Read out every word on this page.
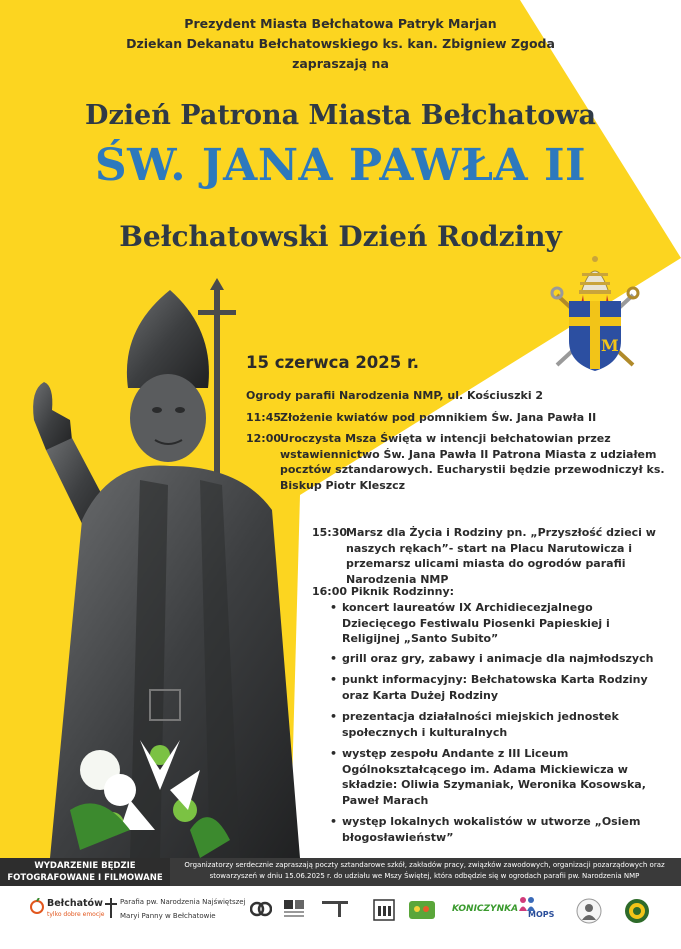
Prezydent Miasta Bełchatowa Patryk Marjan
Dziekan Dekanatu Bełchatowskiego ks. kan. Zbigniew Zgoda
zapraszają na
Dzień Patrona Miasta Bełchatowa
ŚW. JANA PAWŁA II
Bełchatowski Dzień Rodziny
M
15 czerwca 2025 r.
Ogrody parafii Narodzenia NMP, ul. Kościuszki 2
11:45
Złożenie kwiatów pod pomnikiem Św. Jana Pawła II
12:00
Uroczysta Msza Święta w intencji bełchatowian przez wstawiennictwo Św. Jana Pawła II Patrona Miasta z udziałem pocztów sztandarowych. Eucharystii będzie przewodniczył ks. Biskup Piotr Kleszcz
15:30
Marsz dla Życia i Rodziny pn. „Przyszłość dzieci w naszych rękach”- start na Placu Narutowicza i przemarsz ulicami miasta do ogrodów parafii Narodzenia NMP
16:00 Piknik Rodzinny:
• koncert laureatów IX Archidiecezjalnego Dziecięcego Festiwalu Piosenki Papieskiej i Religijnej „Santo Subito”
• grill oraz gry, zabawy i animacje dla najmłodszych
• punkt informacyjny: Bełchatowska Karta Rodziny oraz Karta Dużej Rodziny
• prezentacja działalności miejskich jednostek społecznych i kulturalnych
• występ zespołu Andante z III Liceum Ogólnokształcącego im. Adama Mickiewicza w składzie: Oliwia Szymaniak, Weronika Kosowska, Paweł Marach
• występ lokalnych wokalistów w utworze „Osiem błogosławieństw”
WYDARZENIE BĘDZIE
FOTOGRAFOWANE I FILMOWANE
Organizatorzy serdecznie zapraszają poczty sztandarowe szkół, zakładów pracy, związków zawodowych, organizacji pozarządowych oraz stowarzyszeń w dniu 15.06.2025 r. do udziału we Mszy Świętej, która odbędzie się w ogrodach parafii pw. Narodzenia NMP
Bełchatów
tylko dobre emocje
Parafia pw. Narodzenia Najświętszej
Maryi Panny w Bełchatowie
KONICZYNKA
MOPS
